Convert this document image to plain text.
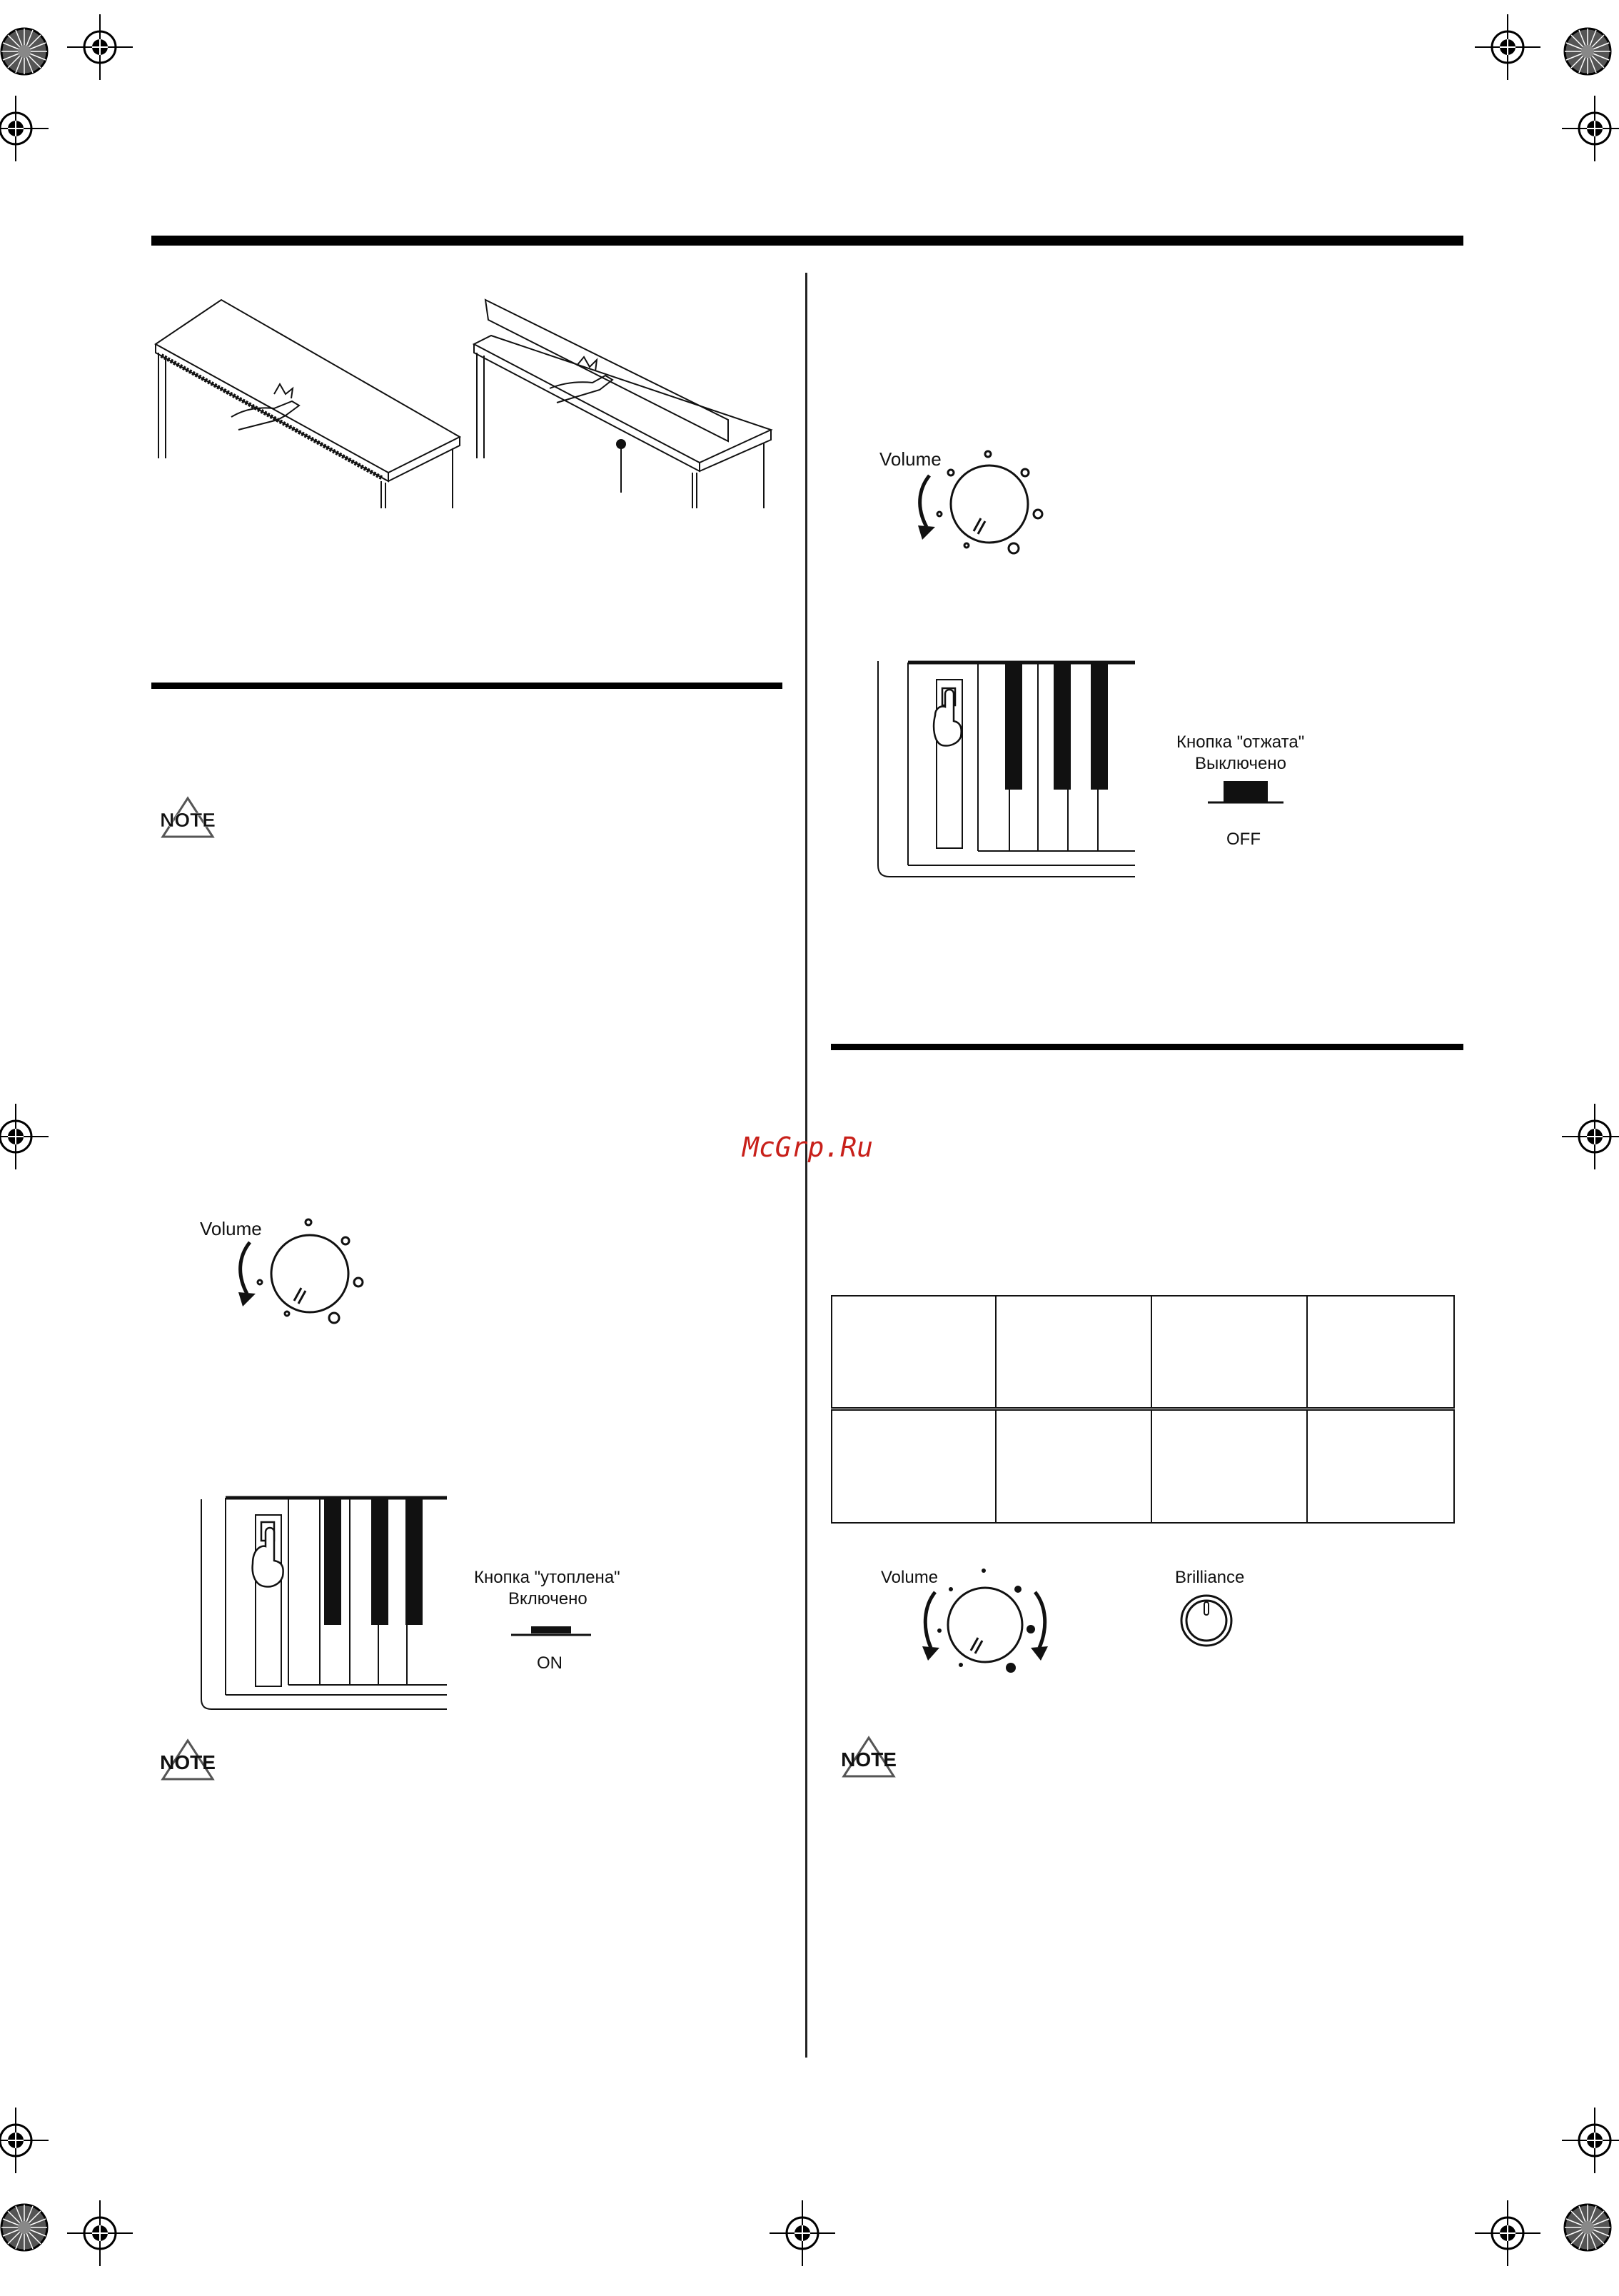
McGrp.Ru
NOTE
NOTE	NOTE
Volume
Кнопка "утоплена"
Включено
ON
Volume
Кнопка "отжата"
Выключено
OFF

Volume	Brilliance
